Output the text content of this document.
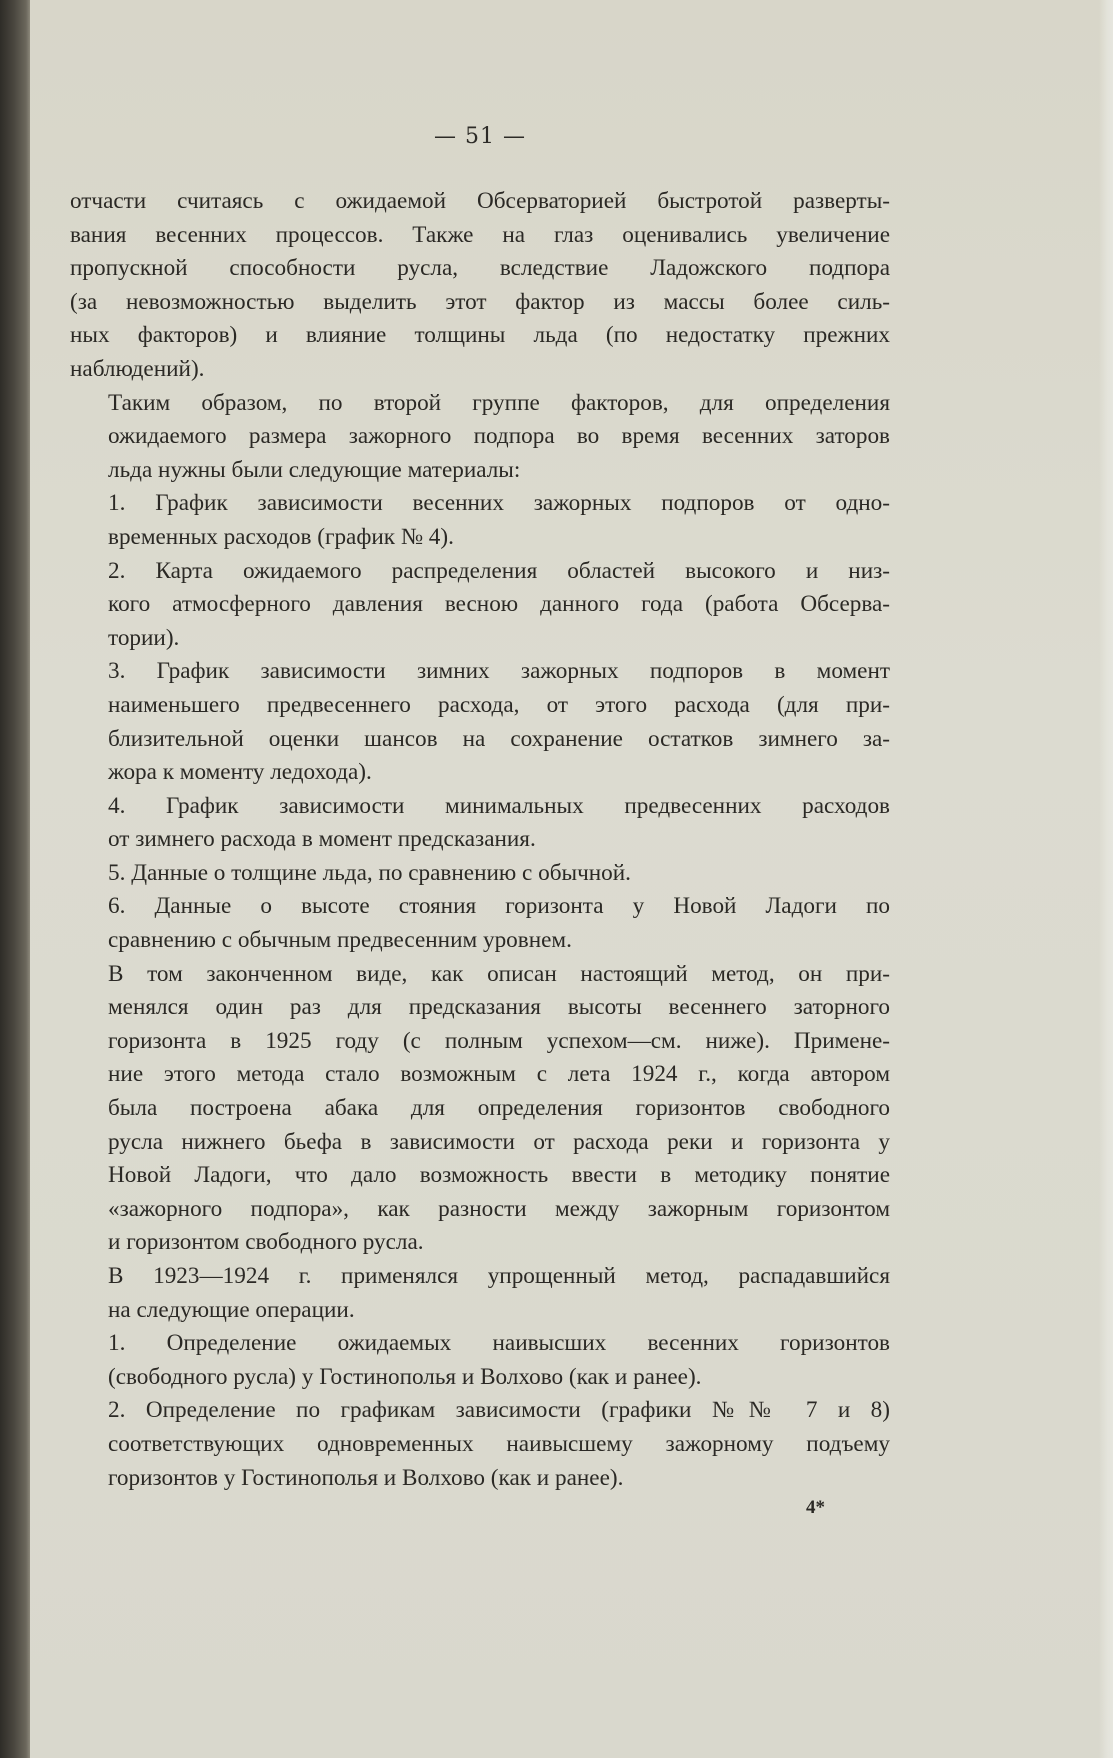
— 51 —

отчасти считаясь с ожидаемой Обсерваторией быстротой разверты-
вания весенних процессов. Также на глаз оценивались увеличение
пропускной способности русла, вследствие Ладожского подпора
(за невозможностью выделить этот фактор из массы более силь-
ных факторов) и влияние толщины льда (по недостатку прежних
наблюдений).

Таким образом, по второй группе факторов, для определения
ожидаемого размера зажорного подпора во время весенних заторов
льда нужны были следующие материалы:

1. График зависимости весенних зажорных подпоров от одно-
временных расходов (график № 4).

2. Карта ожидаемого распределения областей высокого и низ-
кого атмосферного давления весною данного года (работа Обсерва-
тории).

3. График зависимости зимних зажорных подпоров в момент
наименьшего предвесеннего расхода, от этого расхода (для при-
близительной оценки шансов на сохранение остатков зимнего за-
жора к моменту ледохода).

4. График зависимости минимальных предвесенних расходов
от зимнего расхода в момент предсказания.

5. Данные о толщине льда, по сравнению с обычной.

6. Данные о высоте стояния горизонта у Новой Ладоги по
сравнению с обычным предвесенним уровнем.

В том законченном виде, как описан настоящий метод, он при-
менялся один раз для предсказания высоты весеннего заторного
горизонта в 1925 году (с полным успехом—см. ниже). Примене-
ние этого метода стало возможным с лета 1924 г., когда автором
была построена абака для определения горизонтов свободного
русла нижнего бьефа в зависимости от расхода реки и горизонта у
Новой Ладоги, что дало возможность ввести в методику понятие
«зажорного подпора», как разности между зажорным горизонтом
и горизонтом свободного русла.

В 1923—1924 г. применялся упрощенный метод, распадавшийся
на следующие операции.

1. Определение ожидаемых наивысших весенних горизонтов
(свободного русла) у Гостинополья и Волхово (как и ранее).

2. Определение по графикам зависимости (графики №№ 7 и 8)
соответствующих одновременных наивысшему зажорному подъему
горизонтов у Гостинополья и Волхово (как и ранее).

4*
